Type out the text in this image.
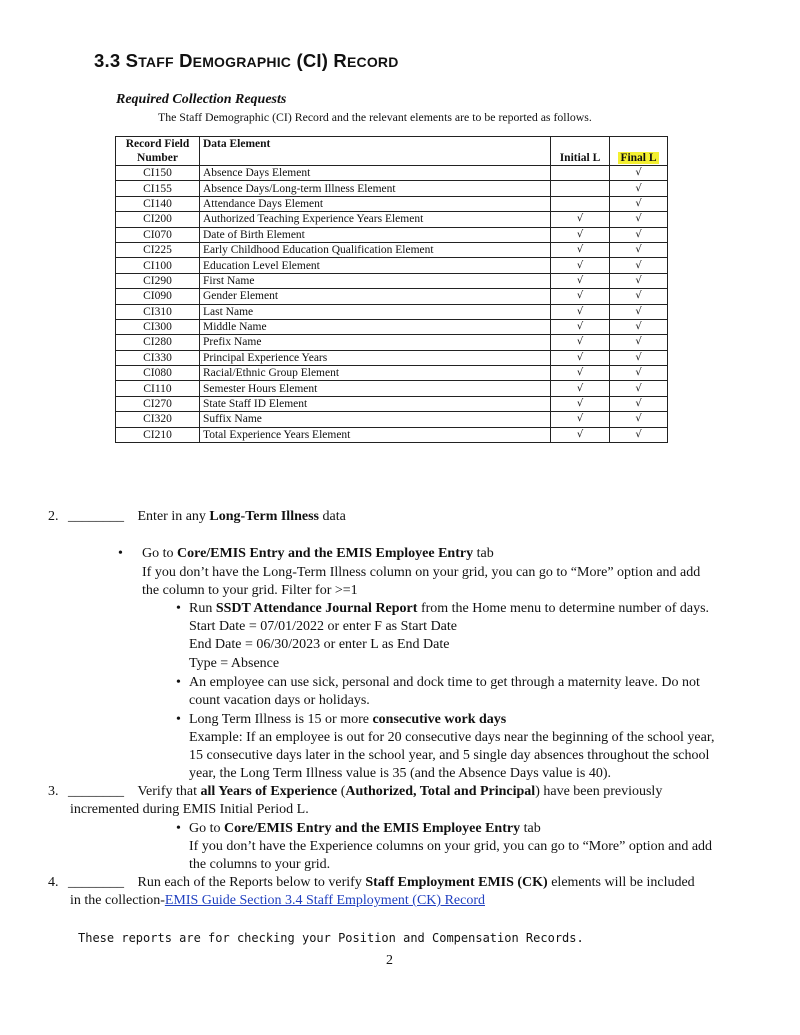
3.3 STAFF DEMOGRAPHIC (CI) RECORD
Required Collection Requests
The Staff Demographic (CI) Record and the relevant elements are to be reported as follows.
Record Field
Number	Data Element	Initial L	Final L
CI150	Absence Days Element		√
CI155	Absence Days/Long-term Illness Element		√
CI140	Attendance Days Element		√
CI200	Authorized Teaching Experience Years Element	√	√
CI070	Date of Birth Element	√	√
CI225	Early Childhood Education Qualification Element	√	√
CI100	Education Level Element	√	√
CI290	First Name	√	√
CI090	Gender Element	√	√
CI310	Last Name	√	√
CI300	Middle Name	√	√
CI280	Prefix Name	√	√
CI330	Principal Experience Years	√	√
CI080	Racial/Ethnic Group Element	√	√
CI110	Semester Hours Element	√	√
CI270	State Staff ID Element	√	√
CI320	Suffix Name	√	√
CI210	Total Experience Years Element	√	√
2. ________ Enter in any Long-Term Illness data
• Go to Core/EMIS Entry and the EMIS Employee Entry tab
If you don’t have the Long-Term Illness column on your grid, you can go to “More” option and add
the column to your grid. Filter for >=1
• Run SSDT Attendance Journal Report from the Home menu to determine number of days.
Start Date = 07/01/2022 or enter F as Start Date
End Date = 06/30/2023 or enter L as End Date
Type = Absence
• An employee can use sick, personal and dock time to get through a maternity leave. Do not
count vacation days or holidays.
• Long Term Illness is 15 or more consecutive work days
Example: If an employee is out for 20 consecutive days near the beginning of the school year,
15 consecutive days later in the school year, and 5 single day absences throughout the school
year, the Long Term Illness value is 35 (and the Absence Days value is 40).
3. ________ Verify that all Years of Experience (Authorized, Total and Principal) have been previously
incremented during EMIS Initial Period L.
• Go to Core/EMIS Entry and the EMIS Employee Entry tab
If you don’t have the Experience columns on your grid, you can go to “More” option and add
the columns to your grid.
4. ________ Run each of the Reports below to verify Staff Employment EMIS (CK) elements will be included
in the collection-EMIS Guide Section 3.4 Staff Employment (CK) Record
These reports are for checking your Position and Compensation Records.
2
